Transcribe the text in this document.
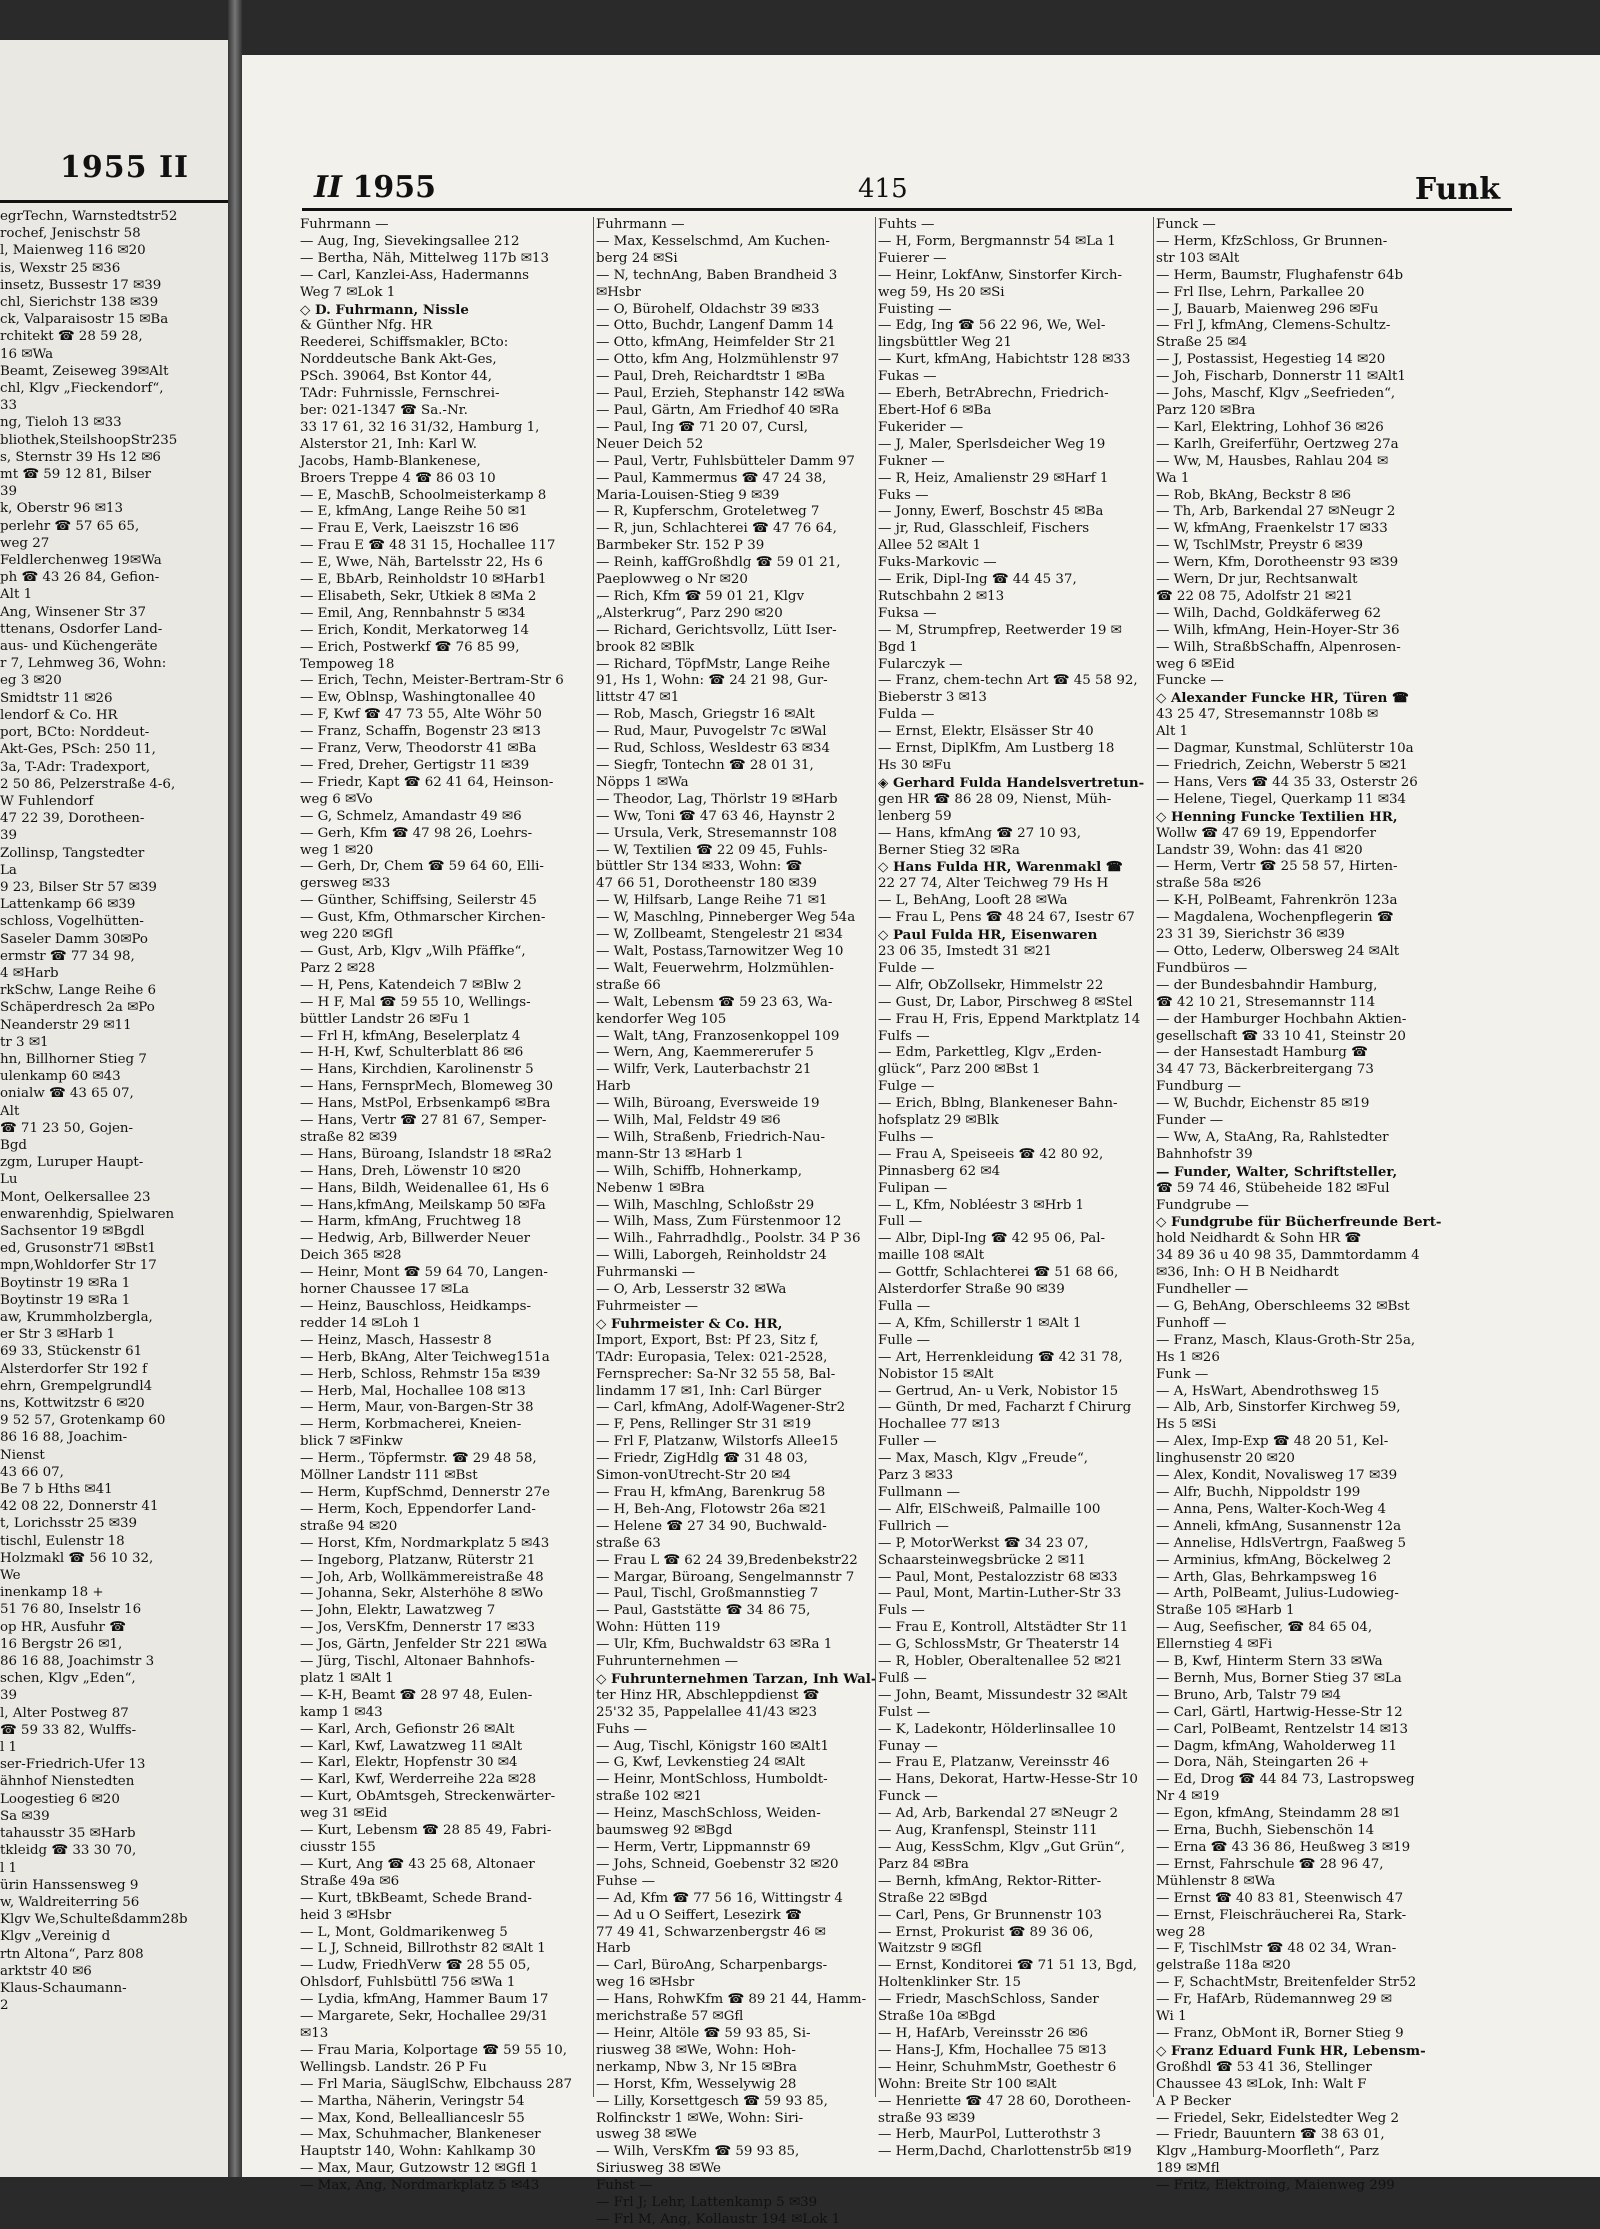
1955 II
egrTechn, Warnstedtstr52
rochef, Jenischstr 58
l, Maienweg 116 ✉20
is, Wexstr 25 ✉36
insetz, Bussestr 17 ✉39
chl, Sierichstr 138 ✉39
ck, Valparaisostr 15 ✉Ba
rchitekt ☎ 28 59 28,
16 ✉Wa
Beamt, Zeiseweg 39✉Alt
chl, Klgv „Fieckendorf“,
33
ng, Tieloh 13 ✉33
bliothek,SteilshoopStr235
s, Sternstr 39 Hs 12 ✉6
mt ☎ 59 12 81, Bilser
39
k, Oberstr 96 ✉13
perlehr ☎ 57 65 65,
weg 27
Feldlerchenweg 19✉Wa
ph ☎ 43 26 84, Gefion-
Alt 1
Ang, Winsener Str 37
ttenans, Osdorfer Land-
aus- und Küchengeräte
r 7, Lehmweg 36, Wohn:
eg 3 ✉20
Smidtstr 11 ✉26
lendorf & Co. HR
port, BCto: Norddeut-
Akt-Ges, PSch: 250 11,
3a, T-Adr: Tradexport,
2 50 86, Pelzerstraße 4-6,
W Fuhlendorf
47 22 39, Dorotheen-
39
Zollinsp, Tangstedter
La
9 23, Bilser Str 57 ✉39
Lattenkamp 66 ✉39
schloss, Vogelhütten-
Saseler Damm 30✉Po
ermstr ☎ 77 34 98,
4 ✉Harb
rkSchw, Lange Reihe 6
Schäperdresch 2a ✉Po
Neanderstr 29 ✉11
tr 3 ✉1
hn, Billhorner Stieg 7
ulenkamp 60 ✉43
onialw ☎ 43 65 07,
Alt
☎ 71 23 50, Gojen-
Bgd
zgm, Luruper Haupt-
Lu
Mont, Oelkersallee 23
enwarenhdig, Spielwaren
Sachsentor 19 ✉Bgdl
ed, Grusonstr71 ✉Bst1
mpn,Wohldorfer Str 17
Boytinstr 19 ✉Ra 1
Boytinstr 19 ✉Ra 1
aw, Krummholzbergla,
er Str 3 ✉Harb 1
69 33, Stückenstr 61
Alsterdorfer Str 192 f
ehrn, Grempelgrundl4
ns, Kottwitzstr 6 ✉20
9 52 57, Grotenkamp 60
86 16 88, Joachim-
Nienst
43 66 07,
Be 7 b Hths ✉41
42 08 22, Donnerstr 41
t, Lorichsstr 25 ✉39
tischl, Eulenstr 18
Holzmakl ☎ 56 10 32,
We
inenkamp 18 +
51 76 80, Inselstr 16
op HR, Ausfuhr ☎
16 Bergstr 26 ✉1,
86 16 88, Joachimstr 3
schen, Klgv „Eden“,
39
l, Alter Postweg 87
☎ 59 33 82, Wulffs-
l 1
ser-Friedrich-Ufer 13
ähnhof Nienstedten
Loogestieg 6 ✉20
Sa ✉39
tahausstr 35 ✉Harb
tkleidg ☎ 33 30 70,
l 1
ürin Hanssensweg 9
w, Waldreiterring 56
Klgv We,Schulteßdamm28b
Klgv „Vereinig d
rtn Altona“, Parz 808
arktstr 40 ✉6
Klaus-Schaumann-
2
II 1955	415	Funk
Fuhrmann —
— Aug, Ing, Sievekingsallee 212
— Bertha, Näh, Mittelweg 117b ✉13
— Carl, Kanzlei-Ass, Hadermanns
Weg 7 ✉Lok 1
◇ D. Fuhrmann, Nissle
& Günther Nfg. HR
Reederei, Schiffsmakler, BCto:
Norddeutsche Bank Akt-Ges,
PSch. 39064, Bst Kontor 44,
TAdr: Fuhrnissle, Fernschrei-
ber: 021-1347 ☎ Sa.-Nr.
33 17 61, 32 16 31/32, Hamburg 1,
Alsterstor 21, Inh: Karl W.
Jacobs, Hamb-Blankenese,
Broers Treppe 4 ☎ 86 03 10
— E, MaschB, Schoolmeisterkamp 8
— E, kfmAng, Lange Reihe 50 ✉1
— Frau E, Verk, Laeiszstr 16 ✉6
— Frau E ☎ 48 31 15, Hochallee 117
— E, Wwe, Näh, Bartelsstr 22, Hs 6
— E, BbArb, Reinholdstr 10 ✉Harb1
— Elisabeth, Sekr, Utkiek 8 ✉Ma 2
— Emil, Ang, Rennbahnstr 5 ✉34
— Erich, Kondit, Merkatorweg 14
— Erich, Postwerkf ☎ 76 85 99,
Tempoweg 18
— Erich, Techn, Meister-Bertram-Str 6
— Ew, Oblnsp, Washingtonallee 40
— F, Kwf ☎ 47 73 55, Alte Wöhr 50
— Franz, Schaffn, Bogenstr 23 ✉13
— Franz, Verw, Theodorstr 41 ✉Ba
— Fred, Dreher, Gertigstr 11 ✉39
— Friedr, Kapt ☎ 62 41 64, Heinson-
weg 6 ✉Vo
— G, Schmelz, Amandastr 49 ✉6
— Gerh, Kfm ☎ 47 98 26, Loehrs-
weg 1 ✉20
— Gerh, Dr, Chem ☎ 59 64 60, Elli-
gersweg ✉33
— Günther, Schiffsing, Seilerstr 45
— Gust, Kfm, Othmarscher Kirchen-
weg 220 ✉Gfl
— Gust, Arb, Klgv „Wilh Pfäffke“,
Parz 2 ✉28
— H, Pens, Katendeich 7 ✉Blw 2
— H F, Mal ☎ 59 55 10, Wellings-
büttler Landstr 26 ✉Fu 1
— Frl H, kfmAng, Beselerplatz 4
— H-H, Kwf, Schulterblatt 86 ✉6
— Hans, Kirchdien, Karolinenstr 5
— Hans, FernsprMech, Blomeweg 30
— Hans, MstPol, Erbsenkamp6 ✉Bra
— Hans, Vertr ☎ 27 81 67, Semper-
straße 82 ✉39
— Hans, Büroang, Islandstr 18 ✉Ra2
— Hans, Dreh, Löwenstr 10 ✉20
— Hans, Bildh, Weidenallee 61, Hs 6
— Hans,kfmAng, Meilskamp 50 ✉Fa
— Harm, kfmAng, Fruchtweg 18
— Hedwig, Arb, Billwerder Neuer
Deich 365 ✉28
— Heinr, Mont ☎ 59 64 70, Langen-
horner Chaussee 17 ✉La
— Heinz, Bauschloss, Heidkamps-
redder 14 ✉Loh 1
— Heinz, Masch, Hassestr 8
— Herb, BkAng, Alter Teichweg151a
— Herb, Schloss, Rehmstr 15a ✉39
— Herb, Mal, Hochallee 108 ✉13
— Herm, Maur, von-Bargen-Str 38
— Herm, Korbmacherei, Kneien-
blick 7 ✉Finkw
— Herm., Töpfermstr. ☎ 29 48 58,
Möllner Landstr 111 ✉Bst
— Herm, KupfSchmd, Dennerstr 27e
— Herm, Koch, Eppendorfer Land-
straße 94 ✉20
— Horst, Kfm, Nordmarkplatz 5 ✉43
— Ingeborg, Platzanw, Rüterstr 21
— Joh, Arb, Wollkämmereistraße 48
— Johanna, Sekr, Alsterhöhe 8 ✉Wo
— John, Elektr, Lawatzweg 7
— Jos, VersKfm, Dennerstr 17 ✉33
— Jos, Gärtn, Jenfelder Str 221 ✉Wa
— Jürg, Tischl, Altonaer Bahnhofs-
platz 1 ✉Alt 1
— K-H, Beamt ☎ 28 97 48, Eulen-
kamp 1 ✉43
— Karl, Arch, Gefionstr 26 ✉Alt
— Karl, Kwf, Lawatzweg 11 ✉Alt
— Karl, Elektr, Hopfenstr 30 ✉4
— Karl, Kwf, Werderreihe 22a ✉28
— Kurt, ObAmtsgeh, Streckenwärter-
weg 31 ✉Eid
— Kurt, Lebensm ☎ 28 85 49, Fabri-
ciusstr 155
— Kurt, Ang ☎ 43 25 68, Altonaer
Straße 49a ✉6
— Kurt, tBkBeamt, Schede Brand-
heid 3 ✉Hsbr
— L, Mont, Goldmarikenweg 5
— L J, Schneid, Billrothstr 82 ✉Alt 1
— Ludw, FriedhVerw ☎ 28 55 05,
Ohlsdorf, Fuhlsbüttl 756 ✉Wa 1
— Lydia, kfmAng, Hammer Baum 17
— Margarete, Sekr, Hochallee 29/31
✉13
— Frau Maria, Kolportage ☎ 59 55 10,
Wellingsb. Landstr. 26 P Fu
— Frl Maria, SäuglSchw, Elbchauss 287
— Martha, Näherin, Veringstr 54
— Max, Kond, Belleallianceslr 55
— Max, Schuhmacher, Blankeneser
Hauptstr 140, Wohn: Kahlkamp 30
— Max, Maur, Gutzowstr 12 ✉Gfl 1
— Max, Ang, Nordmarkplatz 5 ✉43
Fuhrmann —
— Max, Kesselschmd, Am Kuchen-
berg 24 ✉Si
— N, technAng, Baben Brandheid 3
✉Hsbr
— O, Bürohelf, Oldachstr 39 ✉33
— Otto, Buchdr, Langenf Damm 14
— Otto, kfmAng, Heimfelder Str 21
— Otto, kfm Ang, Holzmühlenstr 97
— Paul, Dreh, Reichardtstr 1 ✉Ba
— Paul, Erzieh, Stephanstr 142 ✉Wa
— Paul, Gärtn, Am Friedhof 40 ✉Ra
— Paul, Ing ☎ 71 20 07, Cursl,
Neuer Deich 52
— Paul, Vertr, Fuhlsbütteler Damm 97
— Paul, Kammermus ☎ 47 24 38,
Maria-Louisen-Stieg 9 ✉39
— R, Kupferschm, Groteletweg 7
— R, jun, Schlachterei ☎ 47 76 64,
Barmbeker Str. 152 P 39
— Reinh, kaffGroßhdlg ☎ 59 01 21,
Paeplowweg o Nr ✉20
— Rich, Kfm ☎ 59 01 21, Klgv
„Alsterkrug“, Parz 290 ✉20
— Richard, Gerichtsvollz, Lütt Iser-
brook 82 ✉Blk
— Richard, TöpfMstr, Lange Reihe
91, Hs 1, Wohn: ☎ 24 21 98, Gur-
littstr 47 ✉1
— Rob, Masch, Griegstr 16 ✉Alt
— Rud, Maur, Puvogelstr 7c ✉Wal
— Rud, Schloss, Wesldestr 63 ✉34
— Siegfr, Tontechn ☎ 28 01 31,
Nöpps 1 ✉Wa
— Theodor, Lag, Thörlstr 19 ✉Harb
— Ww, Toni ☎ 47 63 46, Haynstr 2
— Ursula, Verk, Stresemannstr 108
— W, Textilien ☎ 22 09 45, Fuhls-
büttler Str 134 ✉33, Wohn: ☎
47 66 51, Dorotheenstr 180 ✉39
— W, Hilfsarb, Lange Reihe 71 ✉1
— W, Maschlng, Pinneberger Weg 54a
— W, Zollbeamt, Stengelestr 21 ✉34
— Walt, Postass,Tarnowitzer Weg 10
— Walt, Feuerwehrm, Holzmühlen-
straße 66
— Walt, Lebensm ☎ 59 23 63, Wa-
kendorfer Weg 105
— Walt, tAng, Franzosenkoppel 109
— Wern, Ang, Kaemmererufer 5
— Wilfr, Verk, Lauterbachstr 21
Harb
— Wilh, Büroang, Eversweide 19
— Wilh, Mal, Feldstr 49 ✉6
— Wilh, Straßenb, Friedrich-Nau-
mann-Str 13 ✉Harb 1
— Wilh, Schiffb, Hohnerkamp,
Nebenw 1 ✉Bra
— Wilh, Maschlng, Schloßstr 29
— Wilh, Mass, Zum Fürstenmoor 12
— Wilh., Fahrradhdlg., Poolstr. 34 P 36
— Willi, Laborgeh, Reinholdstr 24
Fuhrmanski —
— O, Arb, Lesserstr 32 ✉Wa
Fuhrmeister —
◇ Fuhrmeister & Co. HR,
Import, Export, Bst: Pf 23, Sitz f,
TAdr: Europasia, Telex: 021-2528,
Fernsprecher: Sa-Nr 32 55 58, Bal-
lindamm 17 ✉1, Inh: Carl Bürger
— Carl, kfmAng, Adolf-Wagener-Str2
— F, Pens, Rellinger Str 31 ✉19
— Frl F, Platzanw, Wilstorfs Allee15
— Friedr, ZigHdlg ☎ 31 48 03,
Simon-vonUtrecht-Str 20 ✉4
— Frau H, kfmAng, Barenkrug 58
— H, Beh-Ang, Flotowstr 26a ✉21
— Helene ☎ 27 34 90, Buchwald-
straße 63
— Frau L ☎ 62 24 39,Bredenbekstr22
— Margar, Büroang, Sengelmannstr 7
— Paul, Tischl, Großmannstieg 7
— Paul, Gaststätte ☎ 34 86 75,
Wohn: Hütten 119
— Ulr, Kfm, Buchwaldstr 63 ✉Ra 1
Fuhrunternehmen —
◇ Fuhrunternehmen Tarzan, Inh Wal-
ter Hinz HR, Abschleppdienst ☎
25'32 35, Pappelallee 41/43 ✉23
Fuhs —
— Aug, Tischl, Königstr 160 ✉Alt1
— G, Kwf, Levkenstieg 24 ✉Alt
— Heinr, MontSchloss, Humboldt-
straße 102 ✉21
— Heinz, MaschSchloss, Weiden-
baumsweg 92 ✉Bgd
— Herm, Vertr, Lippmannstr 69
— Johs, Schneid, Goebenstr 32 ✉20
Fuhse —
— Ad, Kfm ☎ 77 56 16, Wittingstr 4
— Ad u O Seiffert, Lesezirk ☎
77 49 41, Schwarzenbergstr 46 ✉
Harb
— Carl, BüroAng, Scharpenbargs-
weg 16 ✉Hsbr
— Hans, RohwKfm ☎ 89 21 44, Hamm-
merichstraße 57 ✉Gfl
— Heinr, Altöle ☎ 59 93 85, Si-
riusweg 38 ✉We, Wohn: Hoh-
nerkamp, Nbw 3, Nr 15 ✉Bra
— Horst, Kfm, Wesselywig 28
— Lilly, Korsettgesch ☎ 59 93 85,
Rolfinckstr 1 ✉We, Wohn: Siri-
usweg 38 ✉We
— Wilh, VersKfm ☎ 59 93 85,
Siriusweg 38 ✉We
Fuhst —
— Frl J; Lehr, Lattenkamp 5 ✉39
— Frl M, Ang, Kollaustr 194 ✉Lok 1
Fuhts —
— H, Form, Bergmannstr 54 ✉La 1
Fuierer —
— Heinr, LokfAnw, Sinstorfer Kirch-
weg 59, Hs 20 ✉Si
Fuisting —
— Edg, Ing ☎ 56 22 96, We, Wel-
lingsbüttler Weg 21
— Kurt, kfmAng, Habichtstr 128 ✉33
Fukas —
— Eberh, BetrAbrechn, Friedrich-
Ebert-Hof 6 ✉Ba
Fukerider —
— J, Maler, Sperlsdeicher Weg 19
Fukner —
— R, Heiz, Amalienstr 29 ✉Harf 1
Fuks —
— Jonny, Ewerf, Boschstr 45 ✉Ba
— jr, Rud, Glasschleif, Fischers
Allee 52 ✉Alt 1
Fuks-Markovic —
— Erik, Dipl-Ing ☎ 44 45 37,
Rutschbahn 2 ✉13
Fuksa —
— M, Strumpfrep, Reetwerder 19 ✉
Bgd 1
Fularczyk —
— Franz, chem-techn Art ☎ 45 58 92,
Bieberstr 3 ✉13
Fulda —
— Ernst, Elektr, Elsässer Str 40
— Ernst, DiplKfm, Am Lustberg 18
Hs 30 ✉Fu
◈ Gerhard Fulda Handelsvertretun-
gen HR ☎ 86 28 09, Nienst, Müh-
lenberg 59
— Hans, kfmAng ☎ 27 10 93,
Berner Stieg 32 ✉Ra
◇ Hans Fulda HR, Warenmakl ☎
22 27 74, Alter Teichweg 79 Hs H
— L, BehAng, Looft 28 ✉Wa
— Frau L, Pens ☎ 48 24 67, Isestr 67
◇ Paul Fulda HR, Eisenwaren
23 06 35, Imstedt 31 ✉21
Fulde —
— Alfr, ObZollsekr, Himmelstr 22
— Gust, Dr, Labor, Pirschweg 8 ✉Stel
— Frau H, Fris, Eppend Marktplatz 14
Fulfs —
— Edm, Parkettleg, Klgv „Erden-
glück“, Parz 200 ✉Bst 1
Fulge —
— Erich, Bblng, Blankeneser Bahn-
hofsplatz 29 ✉Blk
Fulhs —
— Frau A, Speiseeis ☎ 42 80 92,
Pinnasberg 62 ✉4
Fulipan —
— L, Kfm, Nobléestr 3 ✉Hrb 1
Full —
— Albr, Dipl-Ing ☎ 42 95 06, Pal-
maille 108 ✉Alt
— Gottfr, Schlachterei ☎ 51 68 66,
Alsterdorfer Straße 90 ✉39
Fulla —
— A, Kfm, Schillerstr 1 ✉Alt 1
Fulle —
— Art, Herrenkleidung ☎ 42 31 78,
Nobistor 15 ✉Alt
— Gertrud, An- u Verk, Nobistor 15
— Günth, Dr med, Facharzt f Chirurg
Hochallee 77 ✉13
Fuller —
— Max, Masch, Klgv „Freude“,
Parz 3 ✉33
Fullmann —
— Alfr, ElSchweiß, Palmaille 100
Fullrich —
— P, MotorWerkst ☎ 34 23 07,
Schaarsteinwegsbrücke 2 ✉11
— Paul, Mont, Pestalozzistr 68 ✉33
— Paul, Mont, Martin-Luther-Str 33
Fuls —
— Frau E, Kontroll, Altstädter Str 11
— G, SchlossMstr, Gr Theaterstr 14
— R, Hobler, Oberaltenallee 52 ✉21
Fulß —
— John, Beamt, Missundestr 32 ✉Alt
Fulst —
— K, Ladekontr, Hölderlinsallee 10
Funay —
— Frau E, Platzanw, Vereinsstr 46
— Hans, Dekorat, Hartw-Hesse-Str 10
Funck —
— Ad, Arb, Barkendal 27 ✉Neugr 2
— Aug, Kranfenspl, Steinstr 111
— Aug, KessSchm, Klgv „Gut Grün“,
Parz 84 ✉Bra
— Bernh, kfmAng, Rektor-Ritter-
Straße 22 ✉Bgd
— Carl, Pens, Gr Brunnenstr 103
— Ernst, Prokurist ☎ 89 36 06,
Waitzstr 9 ✉Gfl
— Ernst, Konditorei ☎ 71 51 13, Bgd,
Holtenklinker Str. 15
— Friedr, MaschSchloss, Sander
Straße 10a ✉Bgd
— H, HafArb, Vereinsstr 26 ✉6
— Hans-J, Kfm, Hochallee 75 ✉13
— Heinr, SchuhmMstr, Goethestr 6
Wohn: Breite Str 100 ✉Alt
— Henriette ☎ 47 28 60, Dorotheen-
straße 93 ✉39
— Herb, MaurPol, Lutterothstr 3
— Herm,Dachd, Charlottenstr5b ✉19
Funck —
— Herm, KfzSchloss, Gr Brunnen-
str 103 ✉Alt
— Herm, Baumstr, Flughafenstr 64b
— Frl Ilse, Lehrn, Parkallee 20
— J, Bauarb, Maienweg 296 ✉Fu
— Frl J, kfmAng, Clemens-Schultz-
Straße 25 ✉4
— J, Postassist, Hegestieg 14 ✉20
— Joh, Fischarb, Donnerstr 11 ✉Alt1
— Johs, Maschf, Klgv „Seefrieden“,
Parz 120 ✉Bra
— Karl, Elektring, Lohhof 36 ✉26
— Karlh, Greiferführ, Oertzweg 27a
— Ww, M, Hausbes, Rahlau 204 ✉
Wa 1
— Rob, BkAng, Beckstr 8 ✉6
— Th, Arb, Barkendal 27 ✉Neugr 2
— W, kfmAng, Fraenkelstr 17 ✉33
— W, TschlMstr, Preystr 6 ✉39
— Wern, Kfm, Dorotheenstr 93 ✉39
— Wern, Dr jur, Rechtsanwalt
☎ 22 08 75, Adolfstr 21 ✉21
— Wilh, Dachd, Goldkäferweg 62
— Wilh, kfmAng, Hein-Hoyer-Str 36
— Wilh, StraßbSchaffn, Alpenrosen-
weg 6 ✉Eid
Funcke —
◇ Alexander Funcke HR, Türen ☎
43 25 47, Stresemannstr 108b ✉
Alt 1
— Dagmar, Kunstmal, Schlüterstr 10a
— Friedrich, Zeichn, Weberstr 5 ✉21
— Hans, Vers ☎ 44 35 33, Osterstr 26
— Helene, Tiegel, Querkamp 11 ✉34
◇ Henning Funcke Textilien HR,
Wollw ☎ 47 69 19, Eppendorfer
Landstr 39, Wohn: das 41 ✉20
— Herm, Vertr ☎ 25 58 57, Hirten-
straße 58a ✉26
— K-H, PolBeamt, Fahrenkrön 123a
— Magdalena, Wochenpflegerin ☎
23 31 39, Sierichstr 36 ✉39
— Otto, Lederw, Olbersweg 24 ✉Alt
Fundbüros —
— der Bundesbahndir Hamburg,
☎ 42 10 21, Stresemannstr 114
— der Hamburger Hochbahn Aktien-
gesellschaft ☎ 33 10 41, Steinstr 20
— der Hansestadt Hamburg ☎
34 47 73, Bäckerbreitergang 73
Fundburg —
— W, Buchdr, Eichenstr 85 ✉19
Funder —
— Ww, A, StaAng, Ra, Rahlstedter
Bahnhofstr 39
— Funder, Walter, Schriftsteller,
☎ 59 74 46, Stübeheide 182 ✉Ful
Fundgrube —
◇ Fundgrube für Bücherfreunde Bert-
hold Neidhardt & Sohn HR ☎
34 89 36 u 40 98 35, Dammtordamm 4
✉36, Inh: O H B Neidhardt
Fundheller —
— G, BehAng, Oberschleems 32 ✉Bst
Funhoff —
— Franz, Masch, Klaus-Groth-Str 25a,
Hs 1 ✉26
Funk —
— A, HsWart, Abendrothsweg 15
— Alb, Arb, Sinstorfer Kirchweg 59,
Hs 5 ✉Si
— Alex, Imp-Exp ☎ 48 20 51, Kel-
linghusenstr 20 ✉20
— Alex, Kondit, Novalisweg 17 ✉39
— Alfr, Buchh, Nippoldstr 199
— Anna, Pens, Walter-Koch-Weg 4
— Anneli, kfmAng, Susannenstr 12a
— Annelise, HdlsVertrgn, Faaßweg 5
— Arminius, kfmAng, Böckelweg 2
— Arth, Glas, Behrkampsweg 16
— Arth, PolBeamt, Julius-Ludowieg-
Straße 105 ✉Harb 1
— Aug, Seefischer, ☎ 84 65 04,
Ellernstieg 4 ✉Fi
— B, Kwf, Hinterm Stern 33 ✉Wa
— Bernh, Mus, Borner Stieg 37 ✉La
— Bruno, Arb, Talstr 79 ✉4
— Carl, Gärtl, Hartwig-Hesse-Str 12
— Carl, PolBeamt, Rentzelstr 14 ✉13
— Dagm, kfmAng, Waholderweg 11
— Dora, Näh, Steingarten 26 +
— Ed, Drog ☎ 44 84 73, Lastropsweg
Nr 4 ✉19
— Egon, kfmAng, Steindamm 28 ✉1
— Erna, Buchh, Siebenschön 14
— Erna ☎ 43 36 86, Heußweg 3 ✉19
— Ernst, Fahrschule ☎ 28 96 47,
Mühlenstr 8 ✉Wa
— Ernst ☎ 40 83 81, Steenwisch 47
— Ernst, Fleischräucherei Ra, Stark-
weg 28
— F, TischlMstr ☎ 48 02 34, Wran-
gelstraße 118a ✉20
— F, SchachtMstr, Breitenfelder Str52
— Fr, HafArb, Rüdemannweg 29 ✉
Wi 1
— Franz, ObMont iR, Borner Stieg 9
◇ Franz Eduard Funk HR, Lebensm-
Großhdl ☎ 53 41 36, Stellinger
Chaussee 43 ✉Lok, Inh: Walt F
A P Becker
— Friedel, Sekr, Eidelstedter Weg 2
— Friedr, Bauuntern ☎ 38 63 01,
Klgv „Hamburg-Moorfleth“, Parz
189 ✉Mfl
— Fritz, Elektroing, Maienweg 299
